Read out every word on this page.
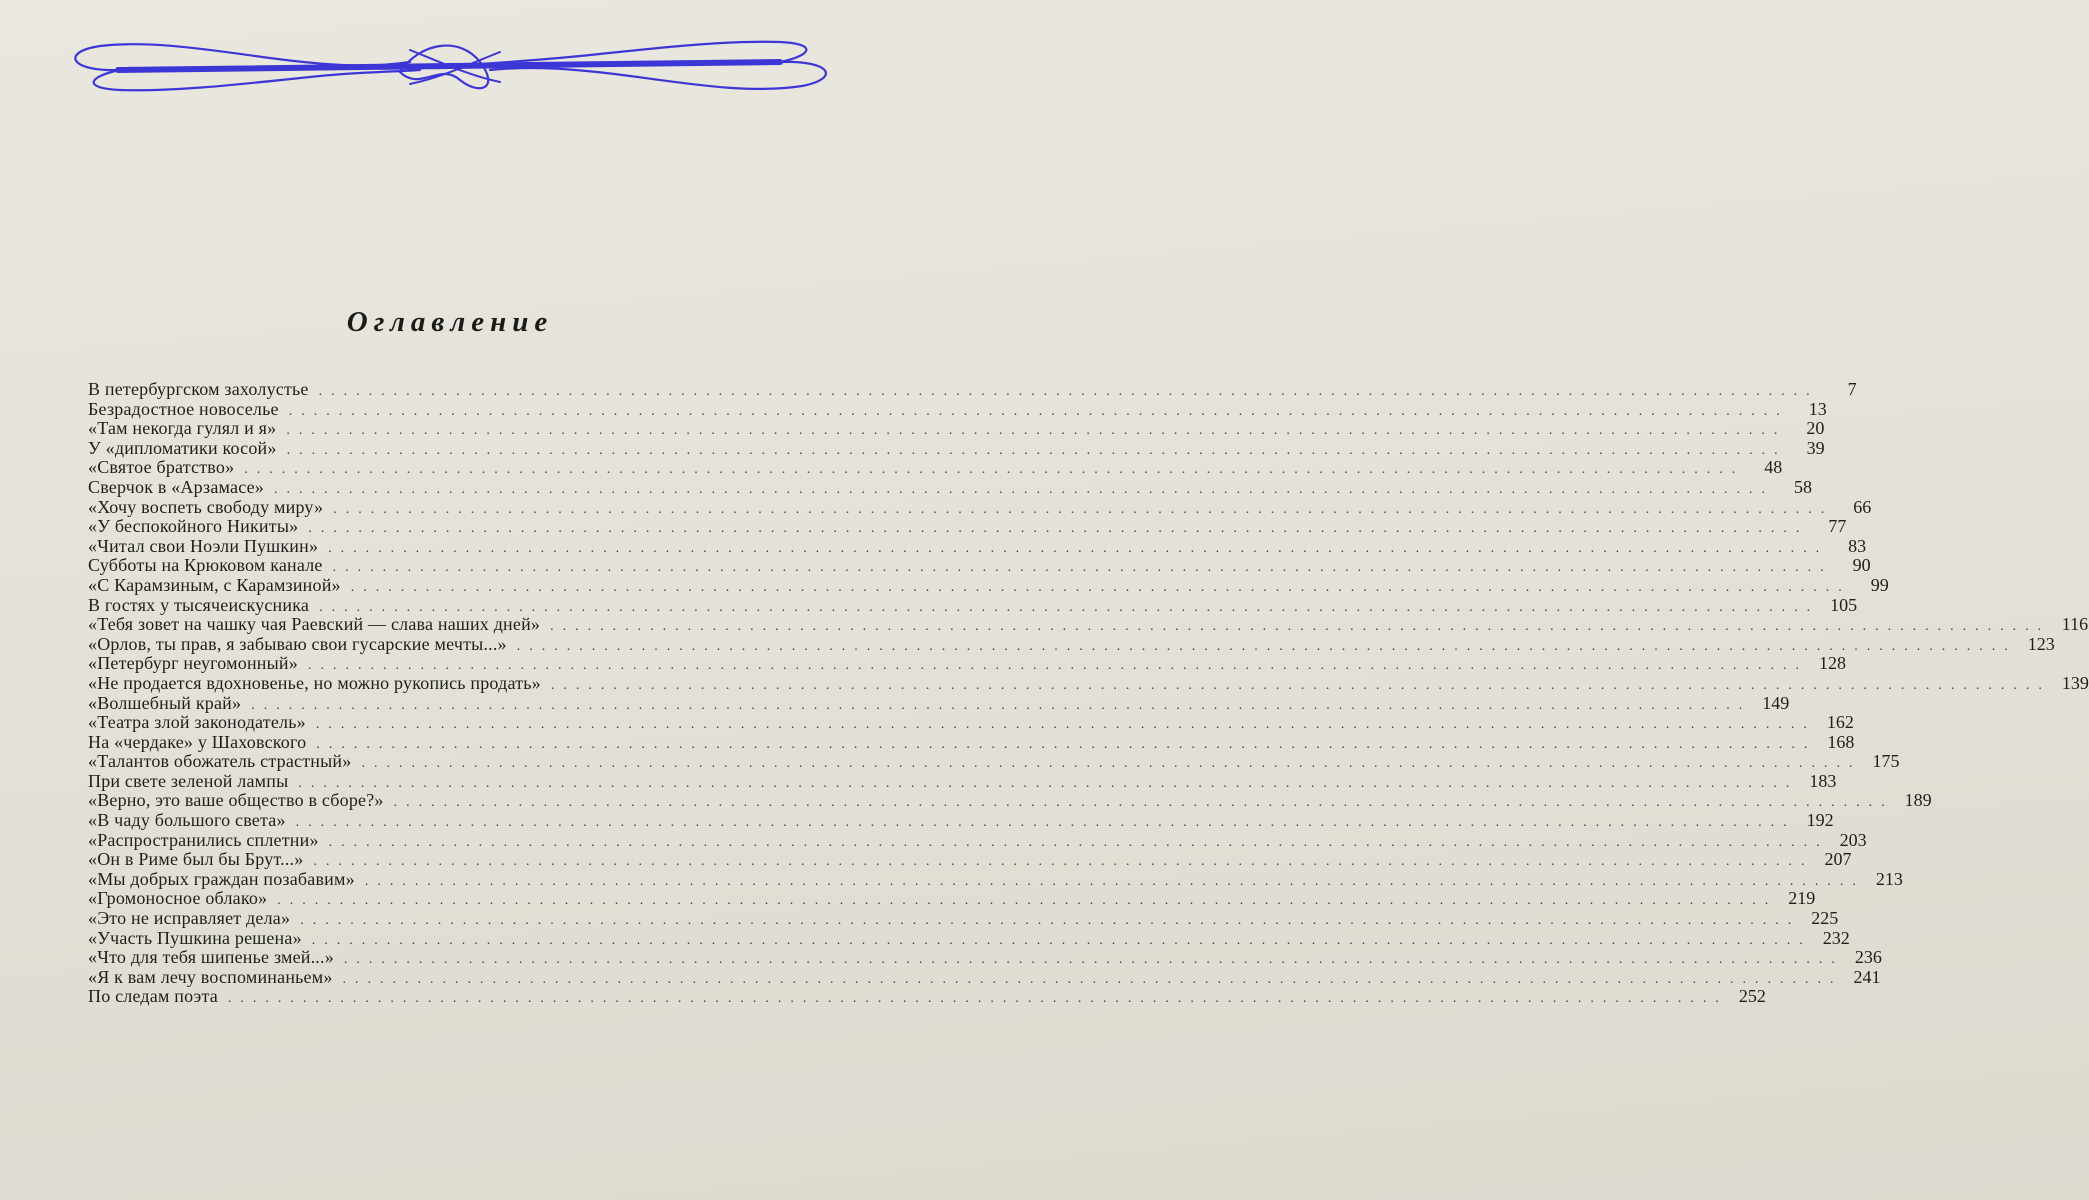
Оглавление
В петербургском захолустье ........................................................................................................................	7
Безрадостное новоселье ........................................................................................................................	13
«Там некогда гулял и я» ........................................................................................................................	20
У «дипломатики косой» ........................................................................................................................	39
«Святое братство» ........................................................................................................................	48
Сверчок в «Арзамасе» ........................................................................................................................	58
«Хочу воспеть свободу миру» ........................................................................................................................	66
«У беспокойного Никиты» ........................................................................................................................	77
«Читал свои Ноэли Пушкин» ........................................................................................................................	83
Субботы на Крюковом канале ........................................................................................................................	90
«С Карамзиным, с Карамзиной» ........................................................................................................................	99
В гостях у тысячеискусника ........................................................................................................................ 105
«Тебя зовет на чашку чая Раевский — слава наших дней» ........................................................................................................................ 116
«Орлов, ты прав, я забываю свои гусарские мечты...» ........................................................................................................................ 123
«Петербург неугомонный» ........................................................................................................................ 128
«Не продается вдохновенье, но можно рукопись продать» ........................................................................................................................ 139
«Волшебный край» ........................................................................................................................ 149
«Театра злой законодатель» ........................................................................................................................ 162
На «чердаке» у Шаховского ........................................................................................................................ 168
«Талантов обожатель страстный» ........................................................................................................................ 175
При свете зеленой лампы ........................................................................................................................ 183
«Верно, это ваше общество в сборе?» ........................................................................................................................ 189
«В чаду большого света» ........................................................................................................................ 192
«Распространились сплетни» ........................................................................................................................ 203
«Он в Риме был бы Брут...» ........................................................................................................................ 207
«Мы добрых граждан позабавим» ........................................................................................................................ 213
«Громоносное облако» ........................................................................................................................ 219
«Это не исправляет дела» ........................................................................................................................ 225
«Участь Пушкина решена» ........................................................................................................................ 232
«Что для тебя шипенье змей...» ........................................................................................................................ 236
«Я к вам лечу воспоминаньем» ........................................................................................................................ 241
По следам поэта ........................................................................................................................ 252
